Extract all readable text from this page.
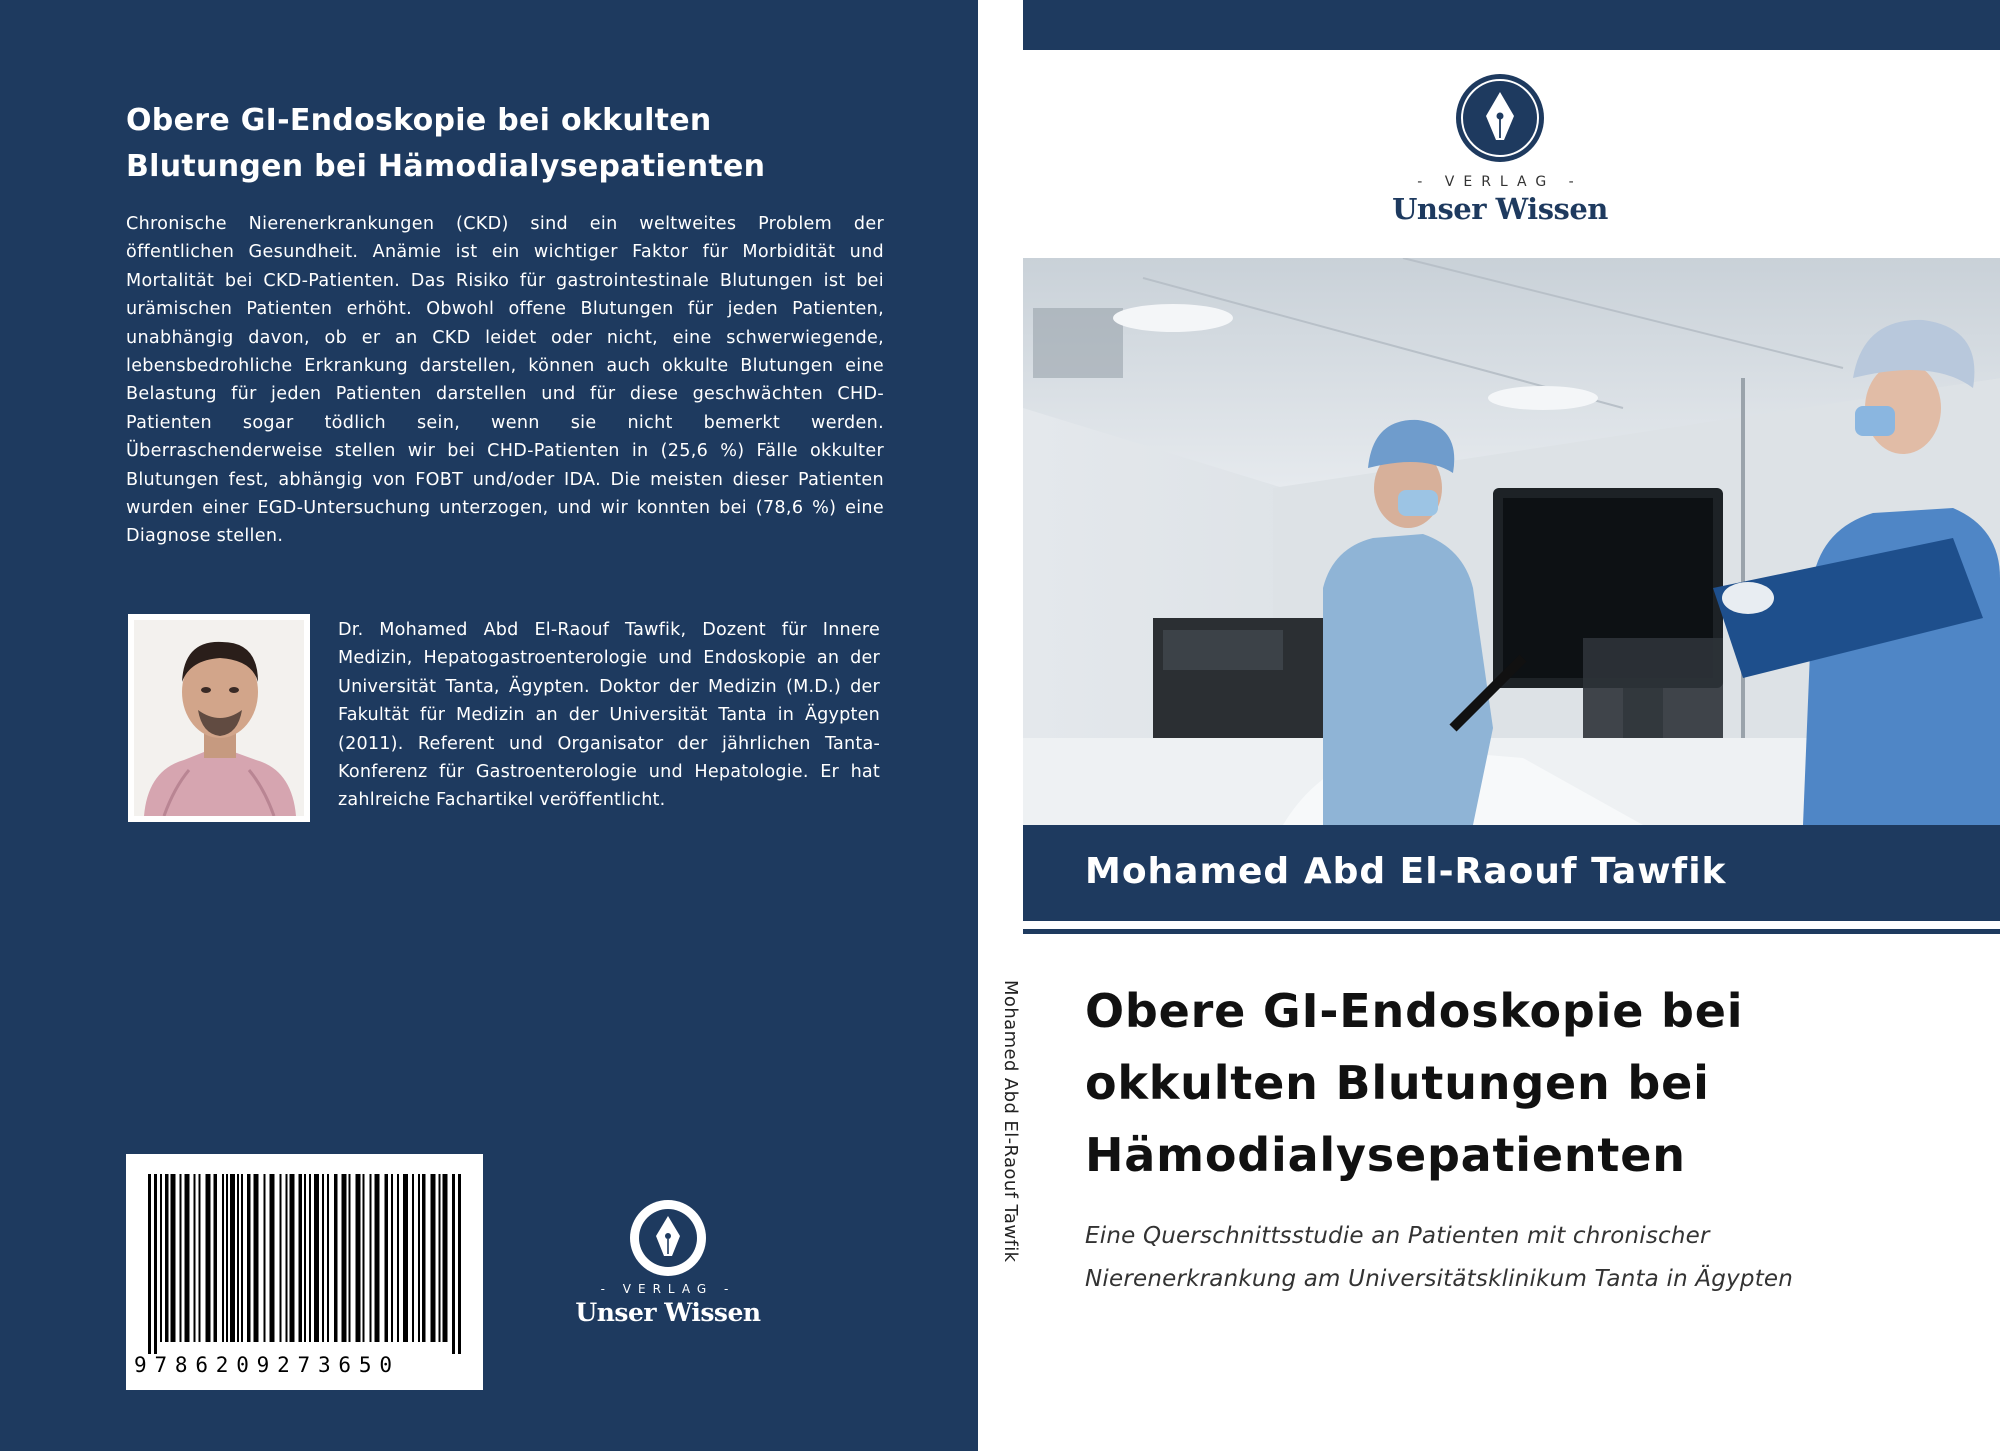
Obere GI-Endoskopie bei okkulten
Blutungen bei Hämodialysepatienten
Chronische Nierenerkrankungen (CKD) sind ein weltweites Problem der öffentlichen Gesundheit. Anämie ist ein wichtiger Faktor für Morbidität und Mortalität bei CKD-Patienten. Das Risiko für gastrointestinale Blutungen ist bei urämischen Patienten erhöht. Obwohl offene Blutungen für jeden Patienten, unabhängig davon, ob er an CKD leidet oder nicht, eine schwerwiegende, lebensbedrohliche Erkrankung darstellen, können auch okkulte Blutungen eine Belastung für jeden Patienten darstellen und für diese geschwächten CHD-Patienten sogar tödlich sein, wenn sie nicht bemerkt werden. Überraschenderweise stellen wir bei CHD-Patienten in (25,6 %) Fälle okkulter Blutungen fest, abhängig von FOBT und/oder IDA. Die meisten dieser Patienten wurden einer EGD-Untersuchung unterzogen, und wir konnten bei (78,6 %) eine Diagnose stellen.
Dr. Mohamed Abd El-Raouf Tawfik, Dozent für Innere Medizin, Hepatogastroenterologie und Endoskopie an der Universität Tanta, Ägypten. Doktor der Medizin (M.D.) der Fakultät für Medizin an der Universität Tanta in Ägypten (2011). Referent und Organisator der jährlichen Tanta-Konferenz für Gastroenterologie und Hepatologie. Er hat zahlreiche Fachartikel veröffentlicht.
9786209273650
- VERLAG -
Unser Wissen
Mohamed Abd El-Raouf Tawfik
- VERLAG -
Unser Wissen
Mohamed Abd El-Raouf Tawfik
Obere GI-Endoskopie bei
okkulten Blutungen bei
Hämodialysepatienten
Eine Querschnittsstudie an Patienten mit chronischer
Nierenerkrankung am Universitätsklinikum Tanta in Ägypten
